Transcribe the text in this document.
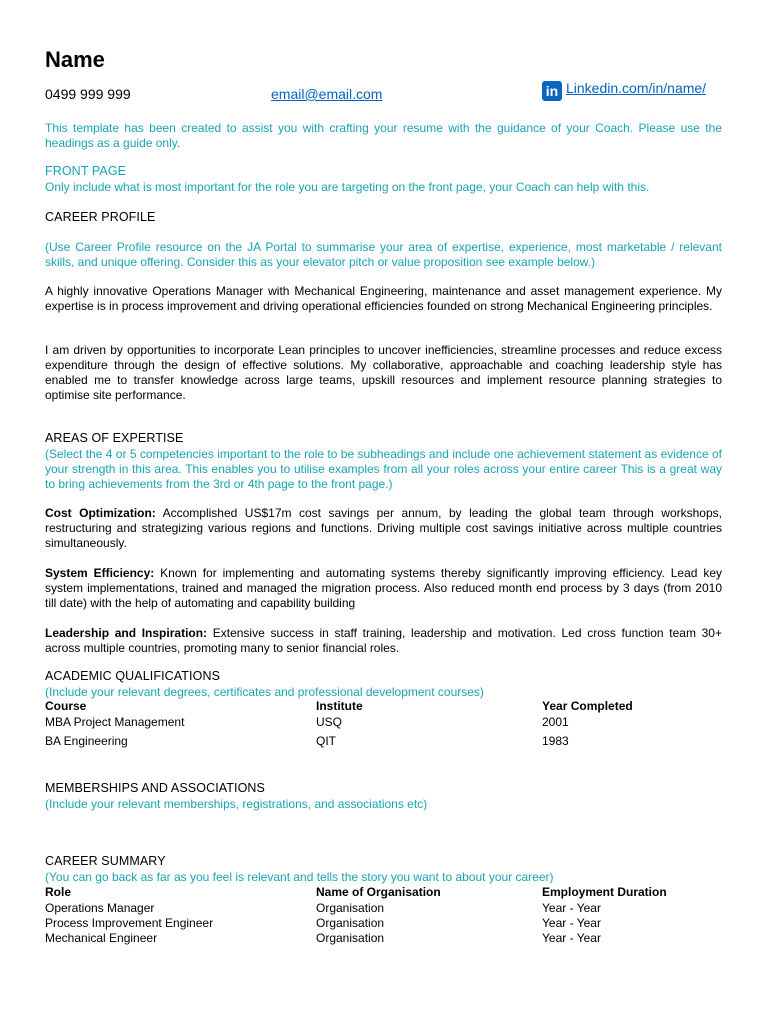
Name
0499 999 999	email@email.com	in Linkedin.com/in/name/
This template has been created to assist you with crafting your resume with the guidance of your Coach. Please use the headings as a guide only.
FRONT PAGE
Only include what is most important for the role you are targeting on the front page, your Coach can help with this.
CAREER PROFILE
(Use Career Profile resource on the JA Portal to summarise your area of expertise, experience, most marketable / relevant skills, and unique offering. Consider this as your elevator pitch or value proposition see example below.)
A highly innovative Operations Manager with Mechanical Engineering, maintenance and asset management experience. My expertise is in process improvement and driving operational efficiencies founded on strong Mechanical Engineering principles.
I am driven by opportunities to incorporate Lean principles to uncover inefficiencies, streamline processes and reduce excess expenditure through the design of effective solutions. My collaborative, approachable and coaching leadership style has enabled me to transfer knowledge across large teams, upskill resources and implement resource planning strategies to optimise site performance.
AREAS OF EXPERTISE
(Select the 4 or 5 competencies important to the role to be subheadings and include one achievement statement as evidence of your strength in this area. This enables you to utilise examples from all your roles across your entire career This is a great way to bring achievements from the 3rd or 4th page to the front page.)
Cost Optimization: Accomplished US$17m cost savings per annum, by leading the global team through workshops, restructuring and strategizing various regions and functions. Driving multiple cost savings initiative across multiple countries simultaneously.
System Efficiency: Known for implementing and automating systems thereby significantly improving efficiency. Lead key system implementations, trained and managed the migration process. Also reduced month end process by 3 days (from 2010 till date) with the help of automating and capability building
Leadership and Inspiration: Extensive success in staff training, leadership and motivation. Led cross function team 30+ across multiple countries, promoting many to senior financial roles.
ACADEMIC QUALIFICATIONS
(Include your relevant degrees, certificates and professional development courses)
Course	Institute	Year Completed
MBA Project Management	USQ	2001
BA Engineering	QIT	1983
MEMBERSHIPS AND ASSOCIATIONS
(Include your relevant memberships, registrations, and associations etc)
CAREER SUMMARY
(You can go back as far as you feel is relevant and tells the story you want to about your career)
Role	Name of Organisation	Employment Duration
Operations Manager	Organisation	Year - Year
Process Improvement Engineer	Organisation	Year - Year
Mechanical Engineer	Organisation	Year - Year
